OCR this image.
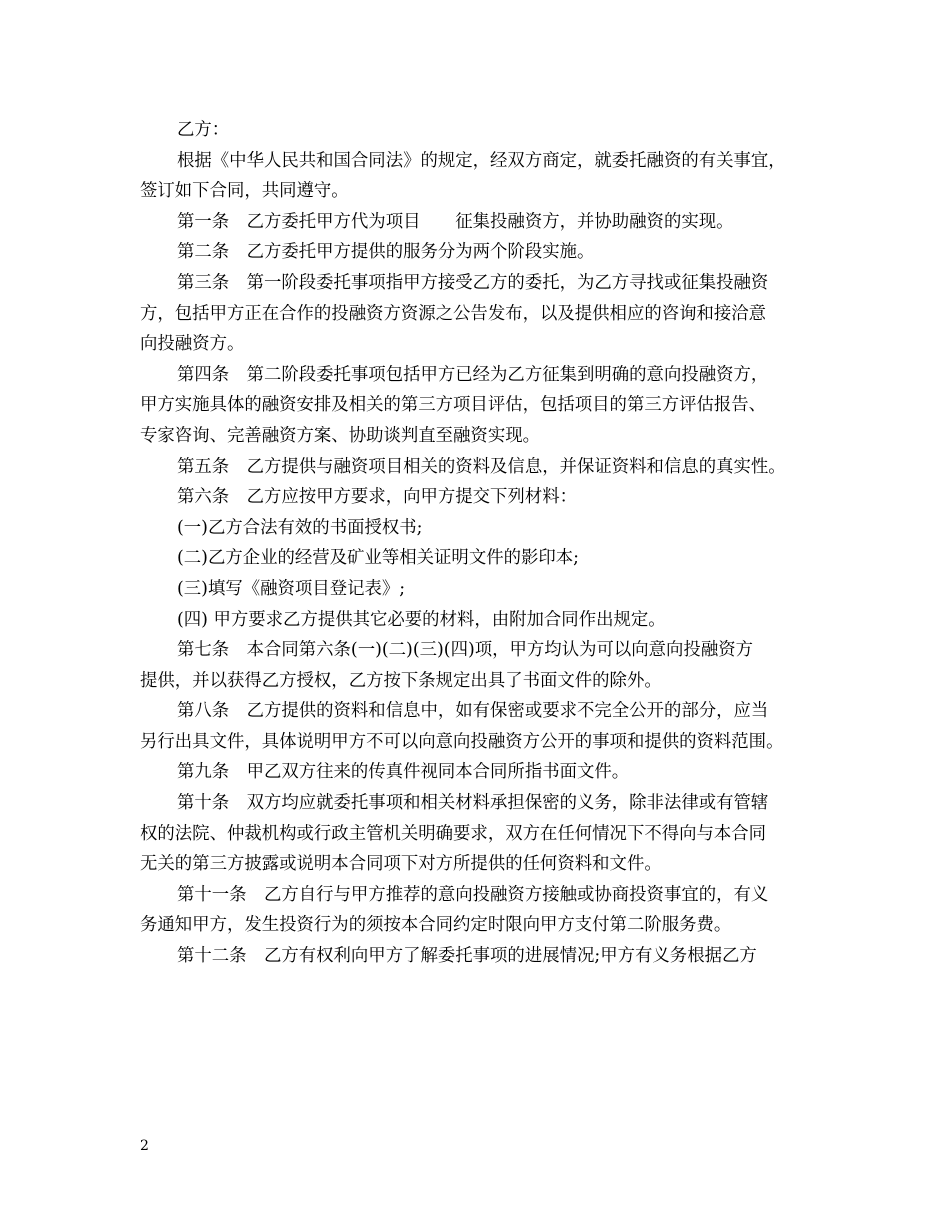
乙方：

根据《中华人民共和国合同法》的规定，经双方商定，就委托融资的有关事宜，
签订如下合同，共同遵守。

第一条　乙方委托甲方代为项目　　征集投融资方，并协助融资的实现。

第二条　乙方委托甲方提供的服务分为两个阶段实施。

第三条　第一阶段委托事项指甲方接受乙方的委托，为乙方寻找或征集投融资
方，包括甲方正在合作的投融资方资源之公告发布，以及提供相应的咨询和接洽意
向投融资方。

第四条　第二阶段委托事项包括甲方已经为乙方征集到明确的意向投融资方，
甲方实施具体的融资安排及相关的第三方项目评估，包括项目的第三方评估报告、
专家咨询、完善融资方案、协助谈判直至融资实现。

第五条　乙方提供与融资项目相关的资料及信息，并保证资料和信息的真实性。

第六条　乙方应按甲方要求，向甲方提交下列材料：

(一)乙方合法有效的书面授权书;

(二)乙方企业的经营及矿业等相关证明文件的影印本;

(三)填写《融资项目登记表》;

(四) 甲方要求乙方提供其它必要的材料，由附加合同作出规定。

第七条　本合同第六条(一)(二)(三)(四)项，甲方均认为可以向意向投融资方
提供，并以获得乙方授权，乙方按下条规定出具了书面文件的除外。

第八条　乙方提供的资料和信息中，如有保密或要求不完全公开的部分，应当
另行出具文件，具体说明甲方不可以向意向投融资方公开的事项和提供的资料范围。

第九条　甲乙双方往来的传真件视同本合同所指书面文件。

第十条　双方均应就委托事项和相关材料承担保密的义务，除非法律或有管辖
权的法院、仲裁机构或行政主管机关明确要求，双方在任何情况下不得向与本合同
无关的第三方披露或说明本合同项下对方所提供的任何资料和文件。

第十一条　乙方自行与甲方推荐的意向投融资方接触或协商投资事宜的，有义
务通知甲方，发生投资行为的须按本合同约定时限向甲方支付第二阶服务费。

第十二条　乙方有权利向甲方了解委托事项的进展情况;甲方有义务根据乙方

2
